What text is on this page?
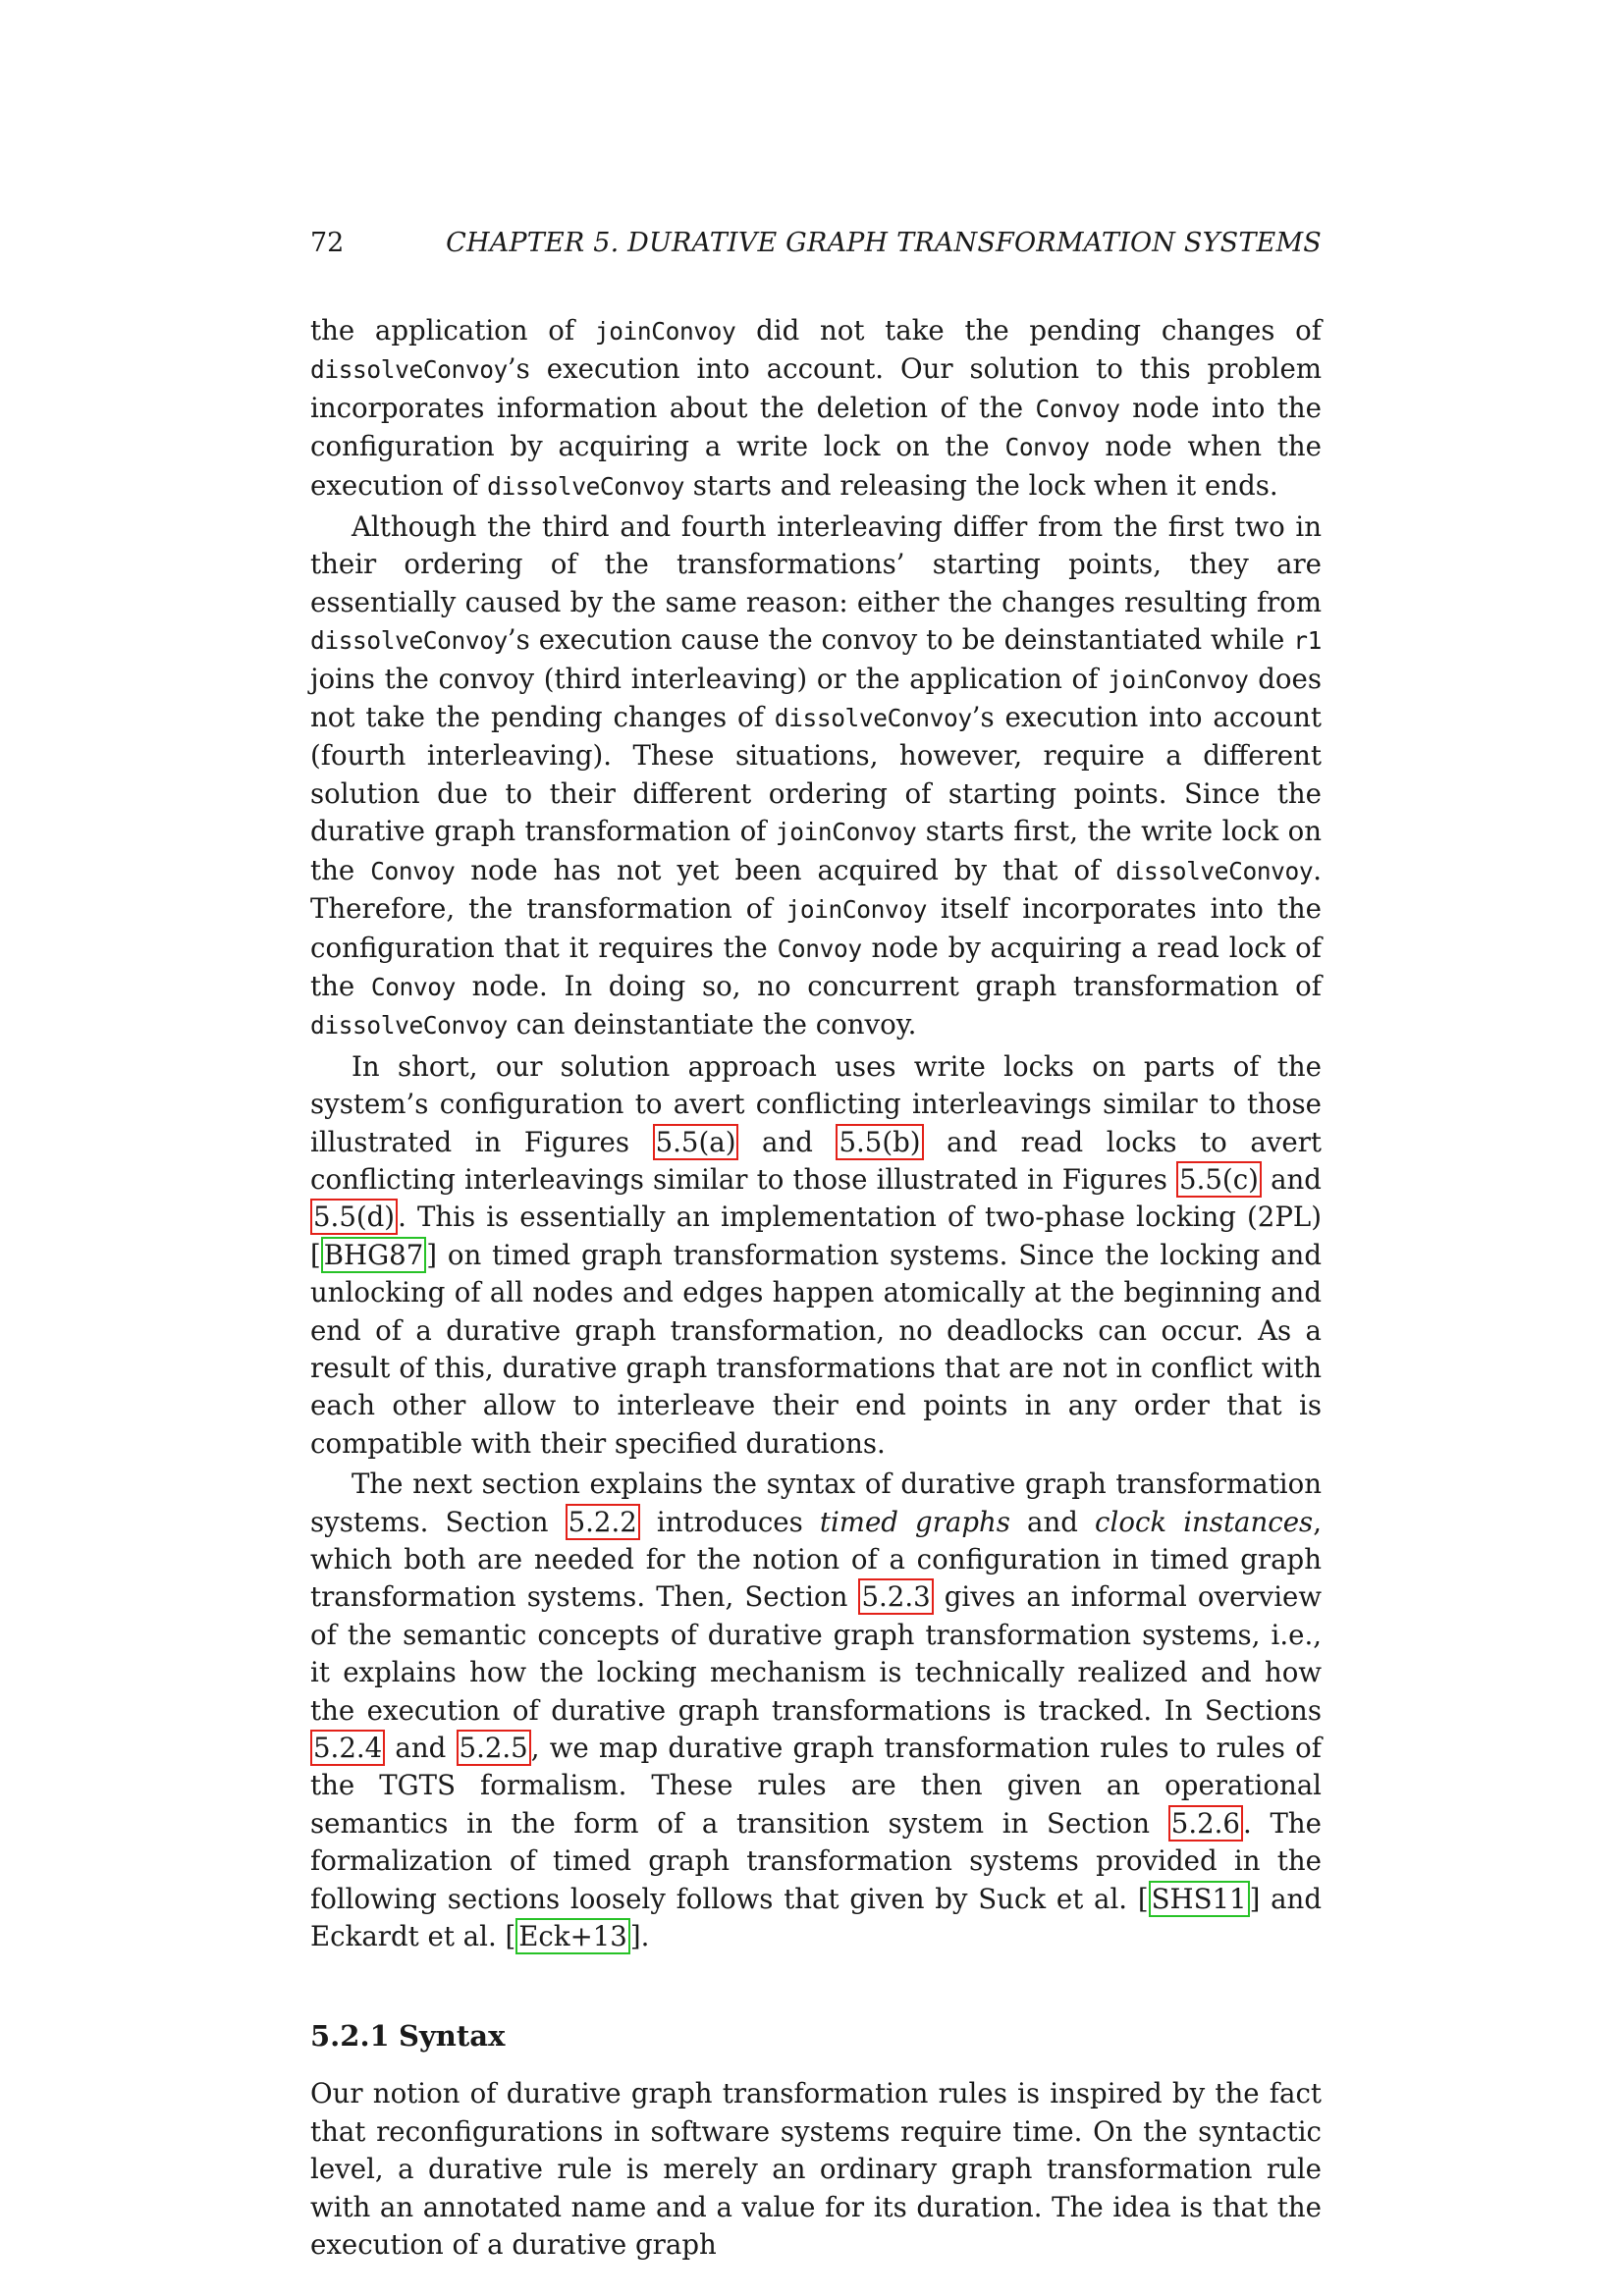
72	CHAPTER 5. DURATIVE GRAPH TRANSFORMATION SYSTEMS

the application of joinConvoy did not take the pending changes of dissolveConvoy’s execution into account. Our solution to this problem incorporates information about the deletion of the Convoy node into the configuration by acquiring a write lock on the Convoy node when the execution of dissolveConvoy starts and releasing the lock when it ends.

Although the third and fourth interleaving differ from the first two in their ordering of the transformations’ starting points, they are essentially caused by the same reason: either the changes resulting from dissolveConvoy’s execution cause the convoy to be deinstantiated while r1 joins the convoy (third interleaving) or the application of joinConvoy does not take the pending changes of dissolveConvoy’s execution into account (fourth interleaving). These situations, however, require a different solution due to their different ordering of starting points. Since the durative graph transformation of joinConvoy starts first, the write lock on the Convoy node has not yet been acquired by that of dissolveConvoy. Therefore, the transformation of joinConvoy itself incorporates into the configuration that it requires the Convoy node by acquiring a read lock of the Convoy node. In doing so, no concurrent graph transformation of dissolveConvoy can deinstantiate the convoy.

In short, our solution approach uses write locks on parts of the system’s configuration to avert conflicting interleavings similar to those illustrated in Figures 5.5(a) and 5.5(b) and read locks to avert conflicting interleavings similar to those illustrated in Figures 5.5(c) and 5.5(d) . This is essentially an implementation of two-phase locking (2PL) [ BHG87 ] on timed graph transformation systems. Since the locking and unlocking of all nodes and edges happen atomically at the beginning and end of a durative graph transformation, no deadlocks can occur. As a result of this, durative graph transformations that are not in conflict with each other allow to interleave their end points in any order that is compatible with their specified durations.

The next section explains the syntax of durative graph transformation systems. Section 5.2.2 introduces timed graphs and clock instances, which both are needed for the notion of a configuration in timed graph transformation systems. Then, Section 5.2.3 gives an informal overview of the semantic concepts of durative graph transformation systems, i.e., it explains how the locking mechanism is technically realized and how the execution of durative graph transformations is tracked. In Sections 5.2.4 and 5.2.5 , we map durative graph transformation rules to rules of the TGTS formalism. These rules are then given an operational semantics in the form of a transition system in Section 5.2.6 . The formalization of timed graph transformation systems provided in the following sections loosely follows that given by Suck et al. [ SHS11 ] and Eckardt et al. [ Eck+13 ].

5.2.1 Syntax

Our notion of durative graph transformation rules is inspired by the fact that reconfigurations in software systems require time. On the syntactic level, a durative rule is merely an ordinary graph transformation rule with an annotated name and a value for its duration. The idea is that the execution of a durative graph
